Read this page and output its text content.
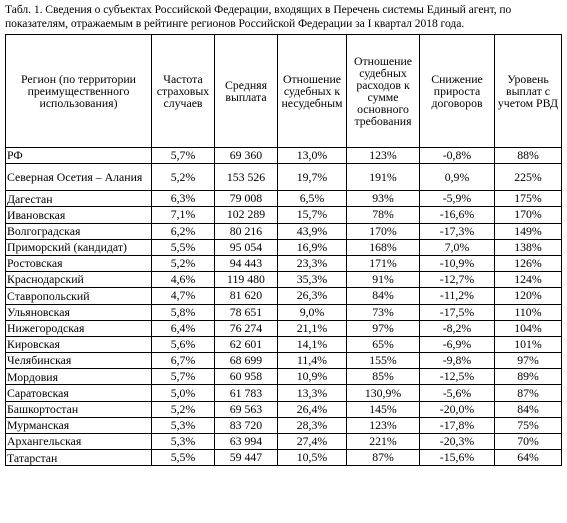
Табл. 1. Сведения о субъектах Российской Федерации, входящих в Перечень системы Единый агент, по показателям, отражаемым в рейтинге регионов Российской Федерации за I квартал 2018 года.
Регион (по территории преимущественного использования)	Частота страховых случаев	Средняя выплата	Отношение судебных к несудебным	Отношение судебных расходов к сумме основного требования	Снижение прироста договоров	Уровень выплат с учетом РВД
РФ	5,7%	69 360	13,0%	123%	-0,8%	88%
Северная Осетия – Алания	5,2%	153 526	19,7%	191%	0,9%	225%
Дагестан	6,3%	79 008	6,5%	93%	-5,9%	175%
Ивановская	7,1%	102 289	15,7%	78%	-16,6%	170%
Волгоградская	6,2%	80 216	43,9%	170%	-17,3%	149%
Приморский (кандидат)	5,5%	95 054	16,9%	168%	7,0%	138%
Ростовская	5,2%	94 443	23,3%	171%	-10,9%	126%
Краснодарский	4,6%	119 480	35,3%	91%	-12,7%	124%
Ставропольский	4,7%	81 620	26,3%	84%	-11,2%	120%
Ульяновская	5,8%	78 651	9,0%	73%	-17,5%	110%
Нижегородская	6,4%	76 274	21,1%	97%	-8,2%	104%
Кировская	5,6%	62 601	14,1%	65%	-6,9%	101%
Челябинская	6,7%	68 699	11,4%	155%	-9,8%	97%
Мордовия	5,7%	60 958	10,9%	85%	-12,5%	89%
Саратовская	5,0%	61 783	13,3%	130,9%	-5,6%	87%
Башкортостан	5,2%	69 563	26,4%	145%	-20,0%	84%
Мурманская	5,3%	83 720	28,3%	123%	-17,8%	75%
Архангельская	5,3%	63 994	27,4%	221%	-20,3%	70%
Татарстан	5,5%	59 447	10,5%	87%	-15,6%	64%
